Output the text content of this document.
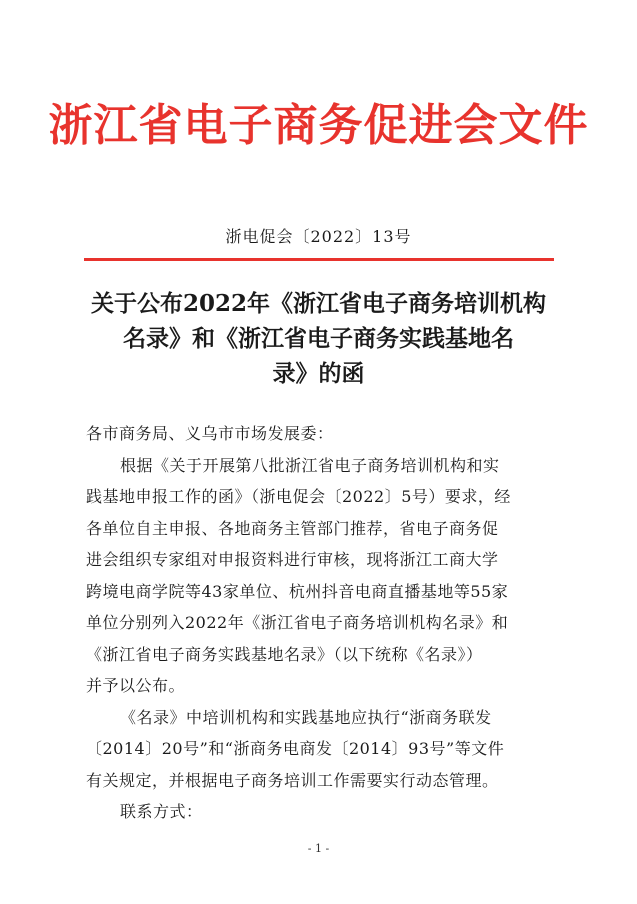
浙江省电子商务促进会文件
浙电促会〔2022〕13号
关于公布2022年《浙江省电子商务培训机构
名录》和《浙江省电子商务实践基地名
录》的函
各市商务局、义乌市市场发展委：
根据《关于开展第八批浙江省电子商务培训机构和实
践基地申报工作的函》（浙电促会〔2022〕5号）要求，经
各单位自主申报、各地商务主管部门推荐，省电子商务促
进会组织专家组对申报资料进行审核，现将浙江工商大学
跨境电商学院等43家单位、杭州抖音电商直播基地等55家
单位分别列入2022年《浙江省电子商务培训机构名录》和
《浙江省电子商务实践基地名录》（以下统称《名录》）
并予以公布。
《名录》中培训机构和实践基地应执行“浙商务联发
〔2014〕20号”和“浙商务电商发〔2014〕93号”等文件
有关规定，并根据电子商务培训工作需要实行动态管理。
联系方式：
- 1 -
